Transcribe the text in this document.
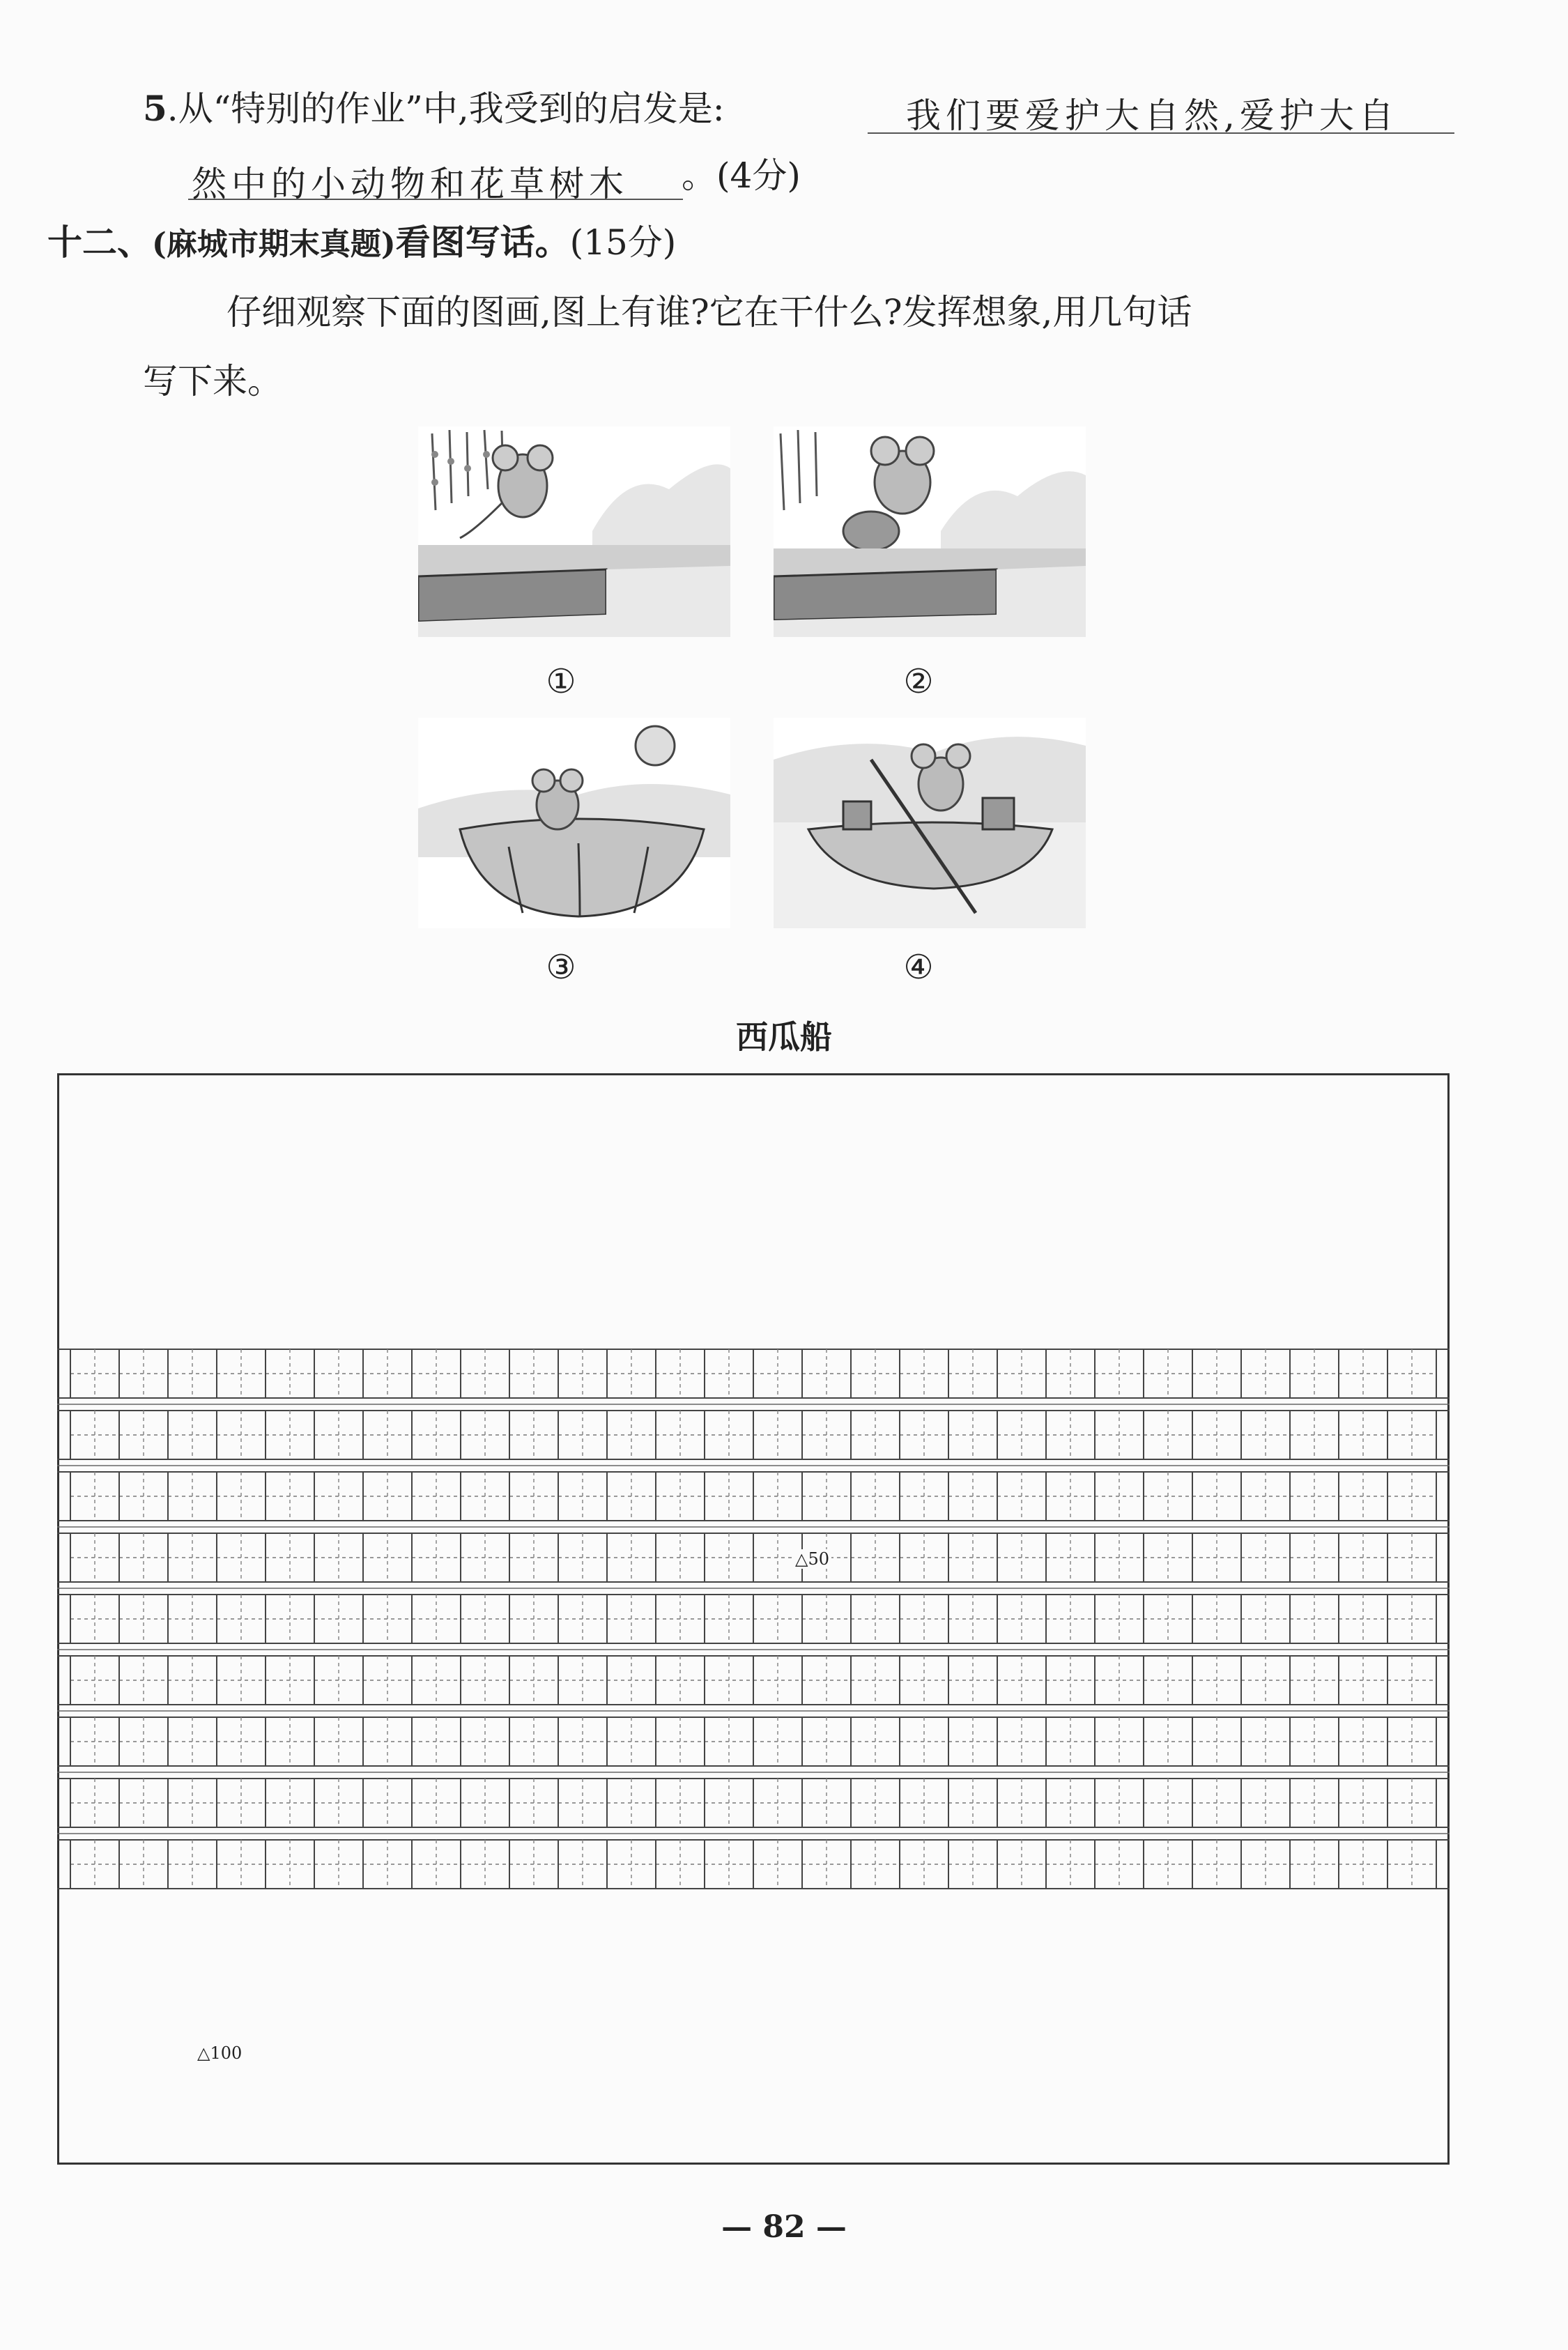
5.从“特别的作业”中,我受到的启发是:	我们要爱护大自然,爱护大自
然中的小动物和花草树木 。(4分)
十二、(麻城市期末真题)看图写话。(15分)
仔细观察下面的图画,图上有谁?它在干什么?发挥想象,用几句话
写下来。
①	②
③	④
西瓜船
△50
△100
— 82 —
